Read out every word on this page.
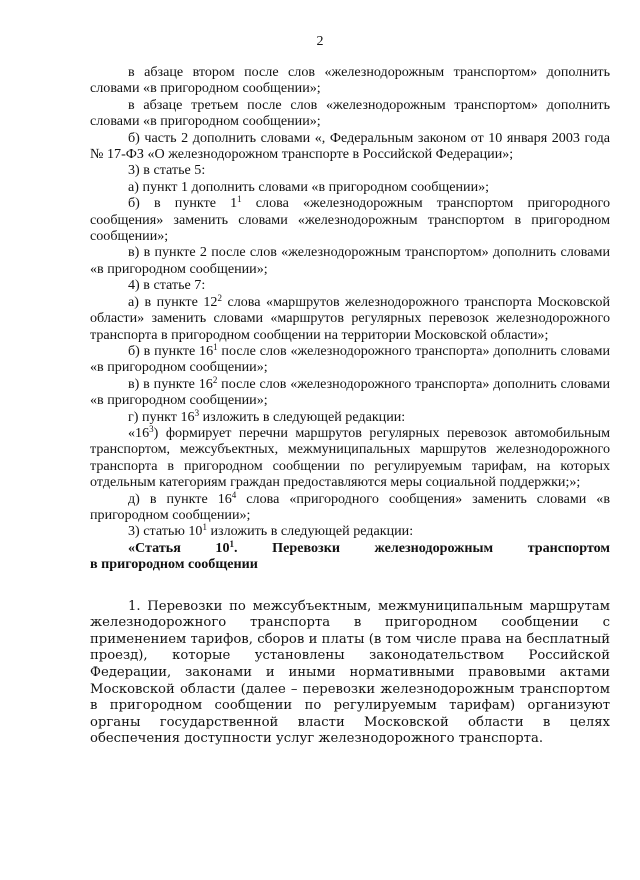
2

в абзаце втором после слов «железнодорожным транспортом» дополнить словами «в пригородном сообщении»;

в абзаце третьем после слов «железнодорожным транспортом» дополнить словами «в пригородном сообщении»;

б) часть 2 дополнить словами «, Федеральным законом от 10 января 2003 года № 17-ФЗ «О железнодорожном транспорте в Российской Федерации»;

3) в статье 5:

а) пункт 1 дополнить словами «в пригородном сообщении»;

б) в пункте $1^1$ слова «железнодорожным транспортом пригородного сообщения» заменить словами «железнодорожным транспортом в пригородном сообщении»;

в) в пункте 2 после слов «железнодорожным транспортом» дополнить словами «в пригородном сообщении»;

4) в статье 7:

а) в пункте $12^2$ слова «маршрутов железнодорожного транспорта Московской области» заменить словами «маршрутов регулярных перевозок железнодорожного транспорта в пригородном сообщении на территории Московской области»;

б) в пункте $16^1$ после слов «железнодорожного транспорта» дополнить словами «в пригородном сообщении»;

в) в пункте $16^2$ после слов «железнодорожного транспорта» дополнить словами «в пригородном сообщении»;

г) пункт $16^3$ изложить в следующей редакции:

«$16^3$) формирует перечни маршрутов регулярных перевозок автомобильным транспортом, межсубъектных, межмуниципальных маршрутов железнодорожного транспорта в пригородном сообщении по регулируемым тарифам, на которых отдельным категориям граждан предоставляются меры социальной поддержки;»;

д) в пункте $16^4$ слова «пригородного сообщения» заменить словами «в пригородном сообщении»;

3) статью $10^1$ изложить в следующей редакции:

«Статья $10^1$. Перевозки железнодорожным транспортом

в пригородном сообщении

1. Перевозки по межсубъектным, межмуниципальным маршрутам железнодорожного транспорта в пригородном сообщении с применением тарифов, сборов и платы (в том числе права на бесплатный проезд), которые установлены законодательством Российской Федерации, законами и иными нормативными правовыми актами Московской области (далее – перевозки железнодорожным транспортом в пригородном сообщении по регулируемым тарифам) организуют органы государственной власти Московской области в целях обеспечения доступности услуг железнодорожного транспорта.
